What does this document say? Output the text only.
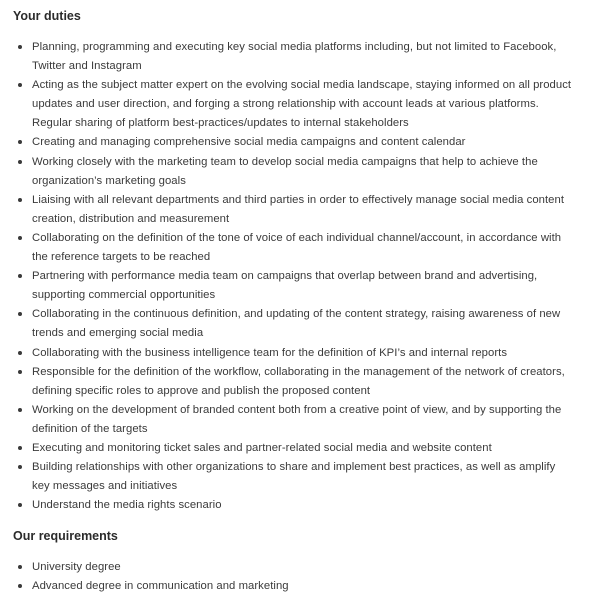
Your duties
Planning, programming and executing key social media platforms including, but not limited to Facebook, Twitter and Instagram
Acting as the subject matter expert on the evolving social media landscape, staying informed on all product updates and user direction, and forging a strong relationship with account leads at various platforms. Regular sharing of platform best-practices/updates to internal stakeholders
Creating and managing comprehensive social media campaigns and content calendar
Working closely with the marketing team to develop social media campaigns that help to achieve the organization’s marketing goals
Liaising with all relevant departments and third parties in order to effectively manage social media content creation, distribution and measurement
Collaborating on the definition of the tone of voice of each individual channel/account, in accordance with the reference targets to be reached
Partnering with performance media team on campaigns that overlap between brand and advertising, supporting commercial opportunities
Collaborating in the continuous definition, and updating of the content strategy, raising awareness of new trends and emerging social media
Collaborating with the business intelligence team for the definition of KPI’s and internal reports
Responsible for the definition of the workflow, collaborating in the management of the network of creators, defining specific roles to approve and publish the proposed content
Working on the development of branded content both from a creative point of view, and by supporting the definition of the targets
Executing and monitoring ticket sales and partner-related social media and website content
Building relationships with other organizations to share and implement best practices, as well as amplify key messages and initiatives
Understand the media rights scenario
Our requirements
University degree
Advanced degree in communication and marketing
